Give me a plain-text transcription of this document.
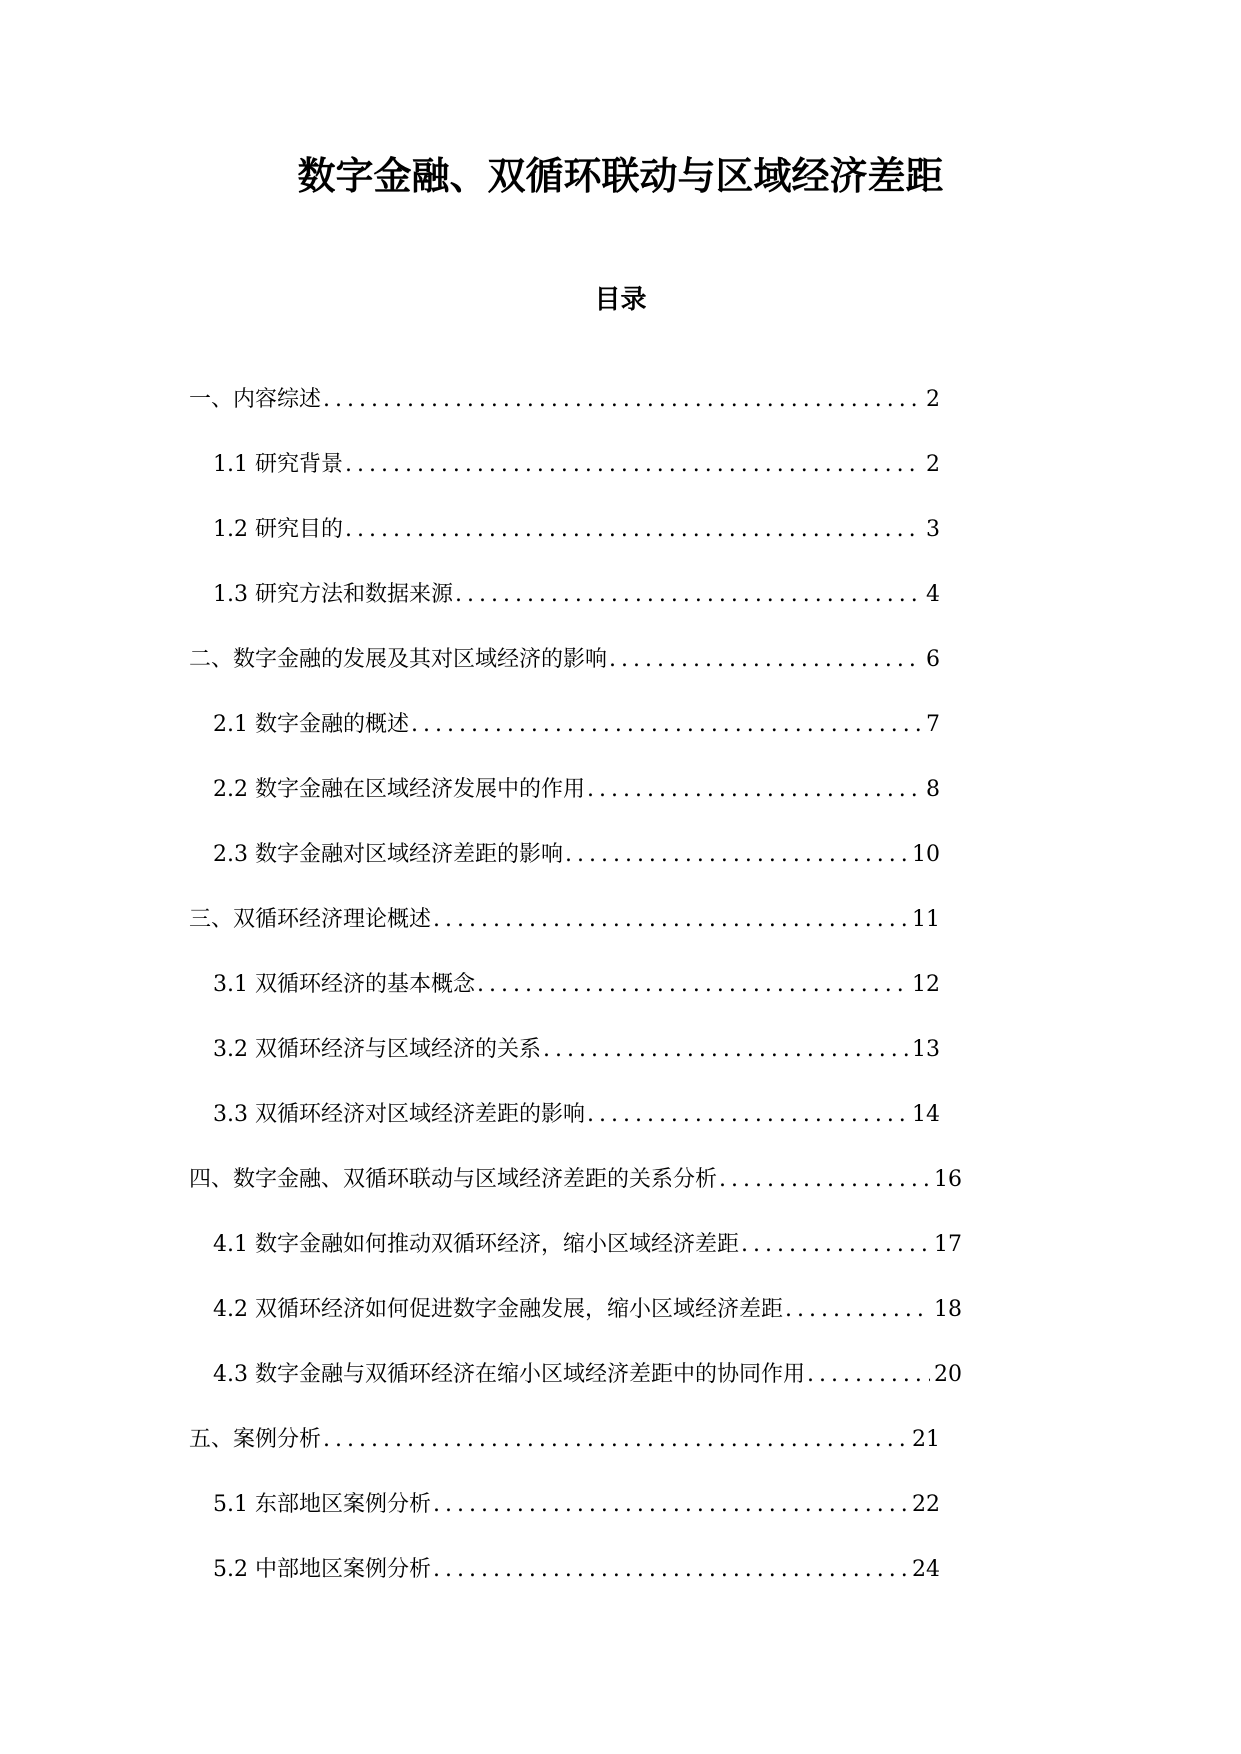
数字金融、双循环联动与区域经济差距
目录
一、内容综述 .....	2
1.1 研究背景 .....	2
1.2 研究目的 .....	3
1.3 研究方法和数据来源 .....	4
二、数字金融的发展及其对区域经济的影响 .....	6
2.1 数字金融的概述 .....	7
2.2 数字金融在区域经济发展中的作用 .....	8
2.3 数字金融对区域经济差距的影响 .....	10
三、双循环经济理论概述 .....	11
3.1 双循环经济的基本概念 .....	12
3.2 双循环经济与区域经济的关系 .....	13
3.3 双循环经济对区域经济差距的影响 .....	14
四、数字金融、双循环联动与区域经济差距的关系分析 .....	16
4.1 数字金融如何推动双循环经济，缩小区域经济差距 .....	17
4.2 双循环经济如何促进数字金融发展，缩小区域经济差距 .....	18
4.3 数字金融与双循环经济在缩小区域经济差距中的协同作用 .....	20
五、案例分析 .....	21
5.1 东部地区案例分析 .....	22
5.2 中部地区案例分析 .....	24
